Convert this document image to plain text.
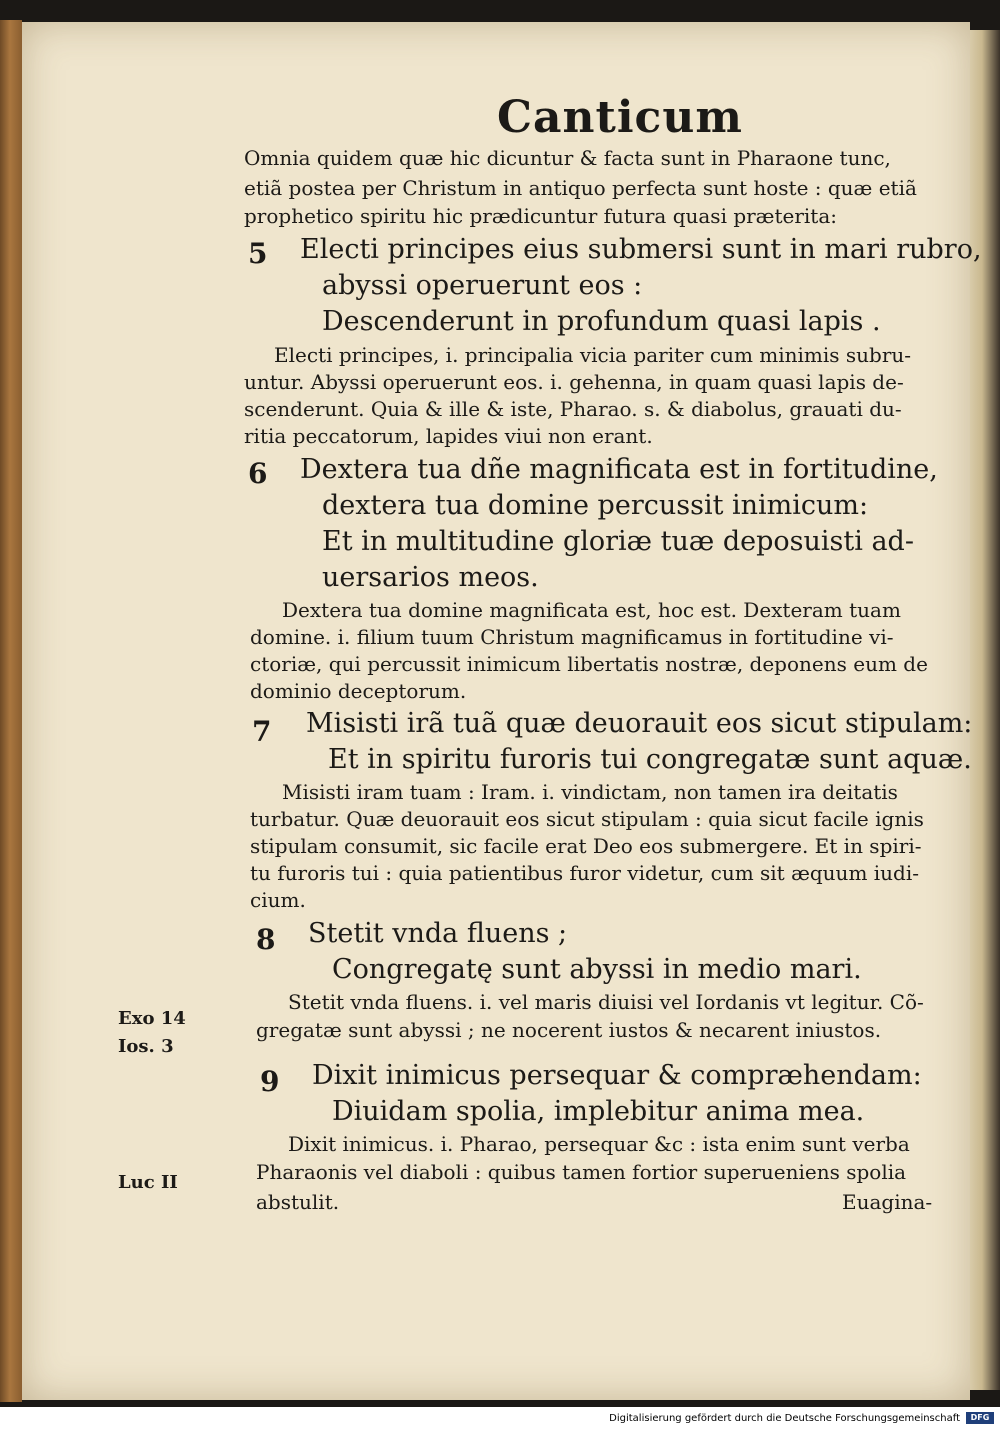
Canticum
Omnia quidem quæ hic dicuntur & facta sunt in Pharaone tunc,
etiã postea per Christum in antiquo perfecta sunt hoste : quæ etiã
prophetico spiritu hic prædicuntur futura quasi præterita:
5 Electi principes eius submersi sunt in mari rubro,
abyssi operuerunt eos :
Descenderunt in profundum quasi lapis .
Electi principes, i. principalia vicia pariter cum minimis subru-
untur. Abyssi operuerunt eos. i. gehenna, in quam quasi lapis de-
scenderunt. Quia & ille & iste, Pharao. s. & diabolus, grauati du-
ritia peccatorum, lapides viui non erant.
6 Dextera tua dñe magnificata est in fortitudine,
dextera tua domine percussit inimicum:
Et in multitudine gloriæ tuæ deposuisti ad-
uersarios meos.
Dextera tua domine magnificata est, hoc est. Dexteram tuam
domine. i. filium tuum Christum magnificamus in fortitudine vi-
ctoriæ, qui percussit inimicum libertatis nostræ, deponens eum de
dominio deceptorum.
7 Misisti irã tuã quæ deuorauit eos sicut stipulam:
Et in spiritu furoris tui congregatæ sunt aquæ.
Misisti iram tuam : Iram. i. vindictam, non tamen ira deitatis
turbatur. Quæ deuorauit eos sicut stipulam : quia sicut facile ignis
stipulam consumit, sic facile erat Deo eos submergere. Et in spiri-
tu furoris tui : quia patientibus furor videtur, cum sit æquum iudi-
cium.
8 Stetit vnda fluens ;
Congregatę sunt abyssi in medio mari.
Stetit vnda fluens. i. vel maris diuisi vel Iordanis vt legitur. Cõ-
gregatæ sunt abyssi ; ne nocerent iustos & necarent iniustos.
9 Dixit inimicus persequar & compræhendam:
Diuidam spolia, implebitur anima mea.
Dixit inimicus. i. Pharao, persequar &c : ista enim sunt verba
Pharaonis vel diaboli : quibus tamen fortior superueniens spolia
abstulit.	Euagina-
Exo 14
Ios. 3
Luc II
Digitalisierung gefördert durch die Deutsche Forschungsgemeinschaft	DFG
